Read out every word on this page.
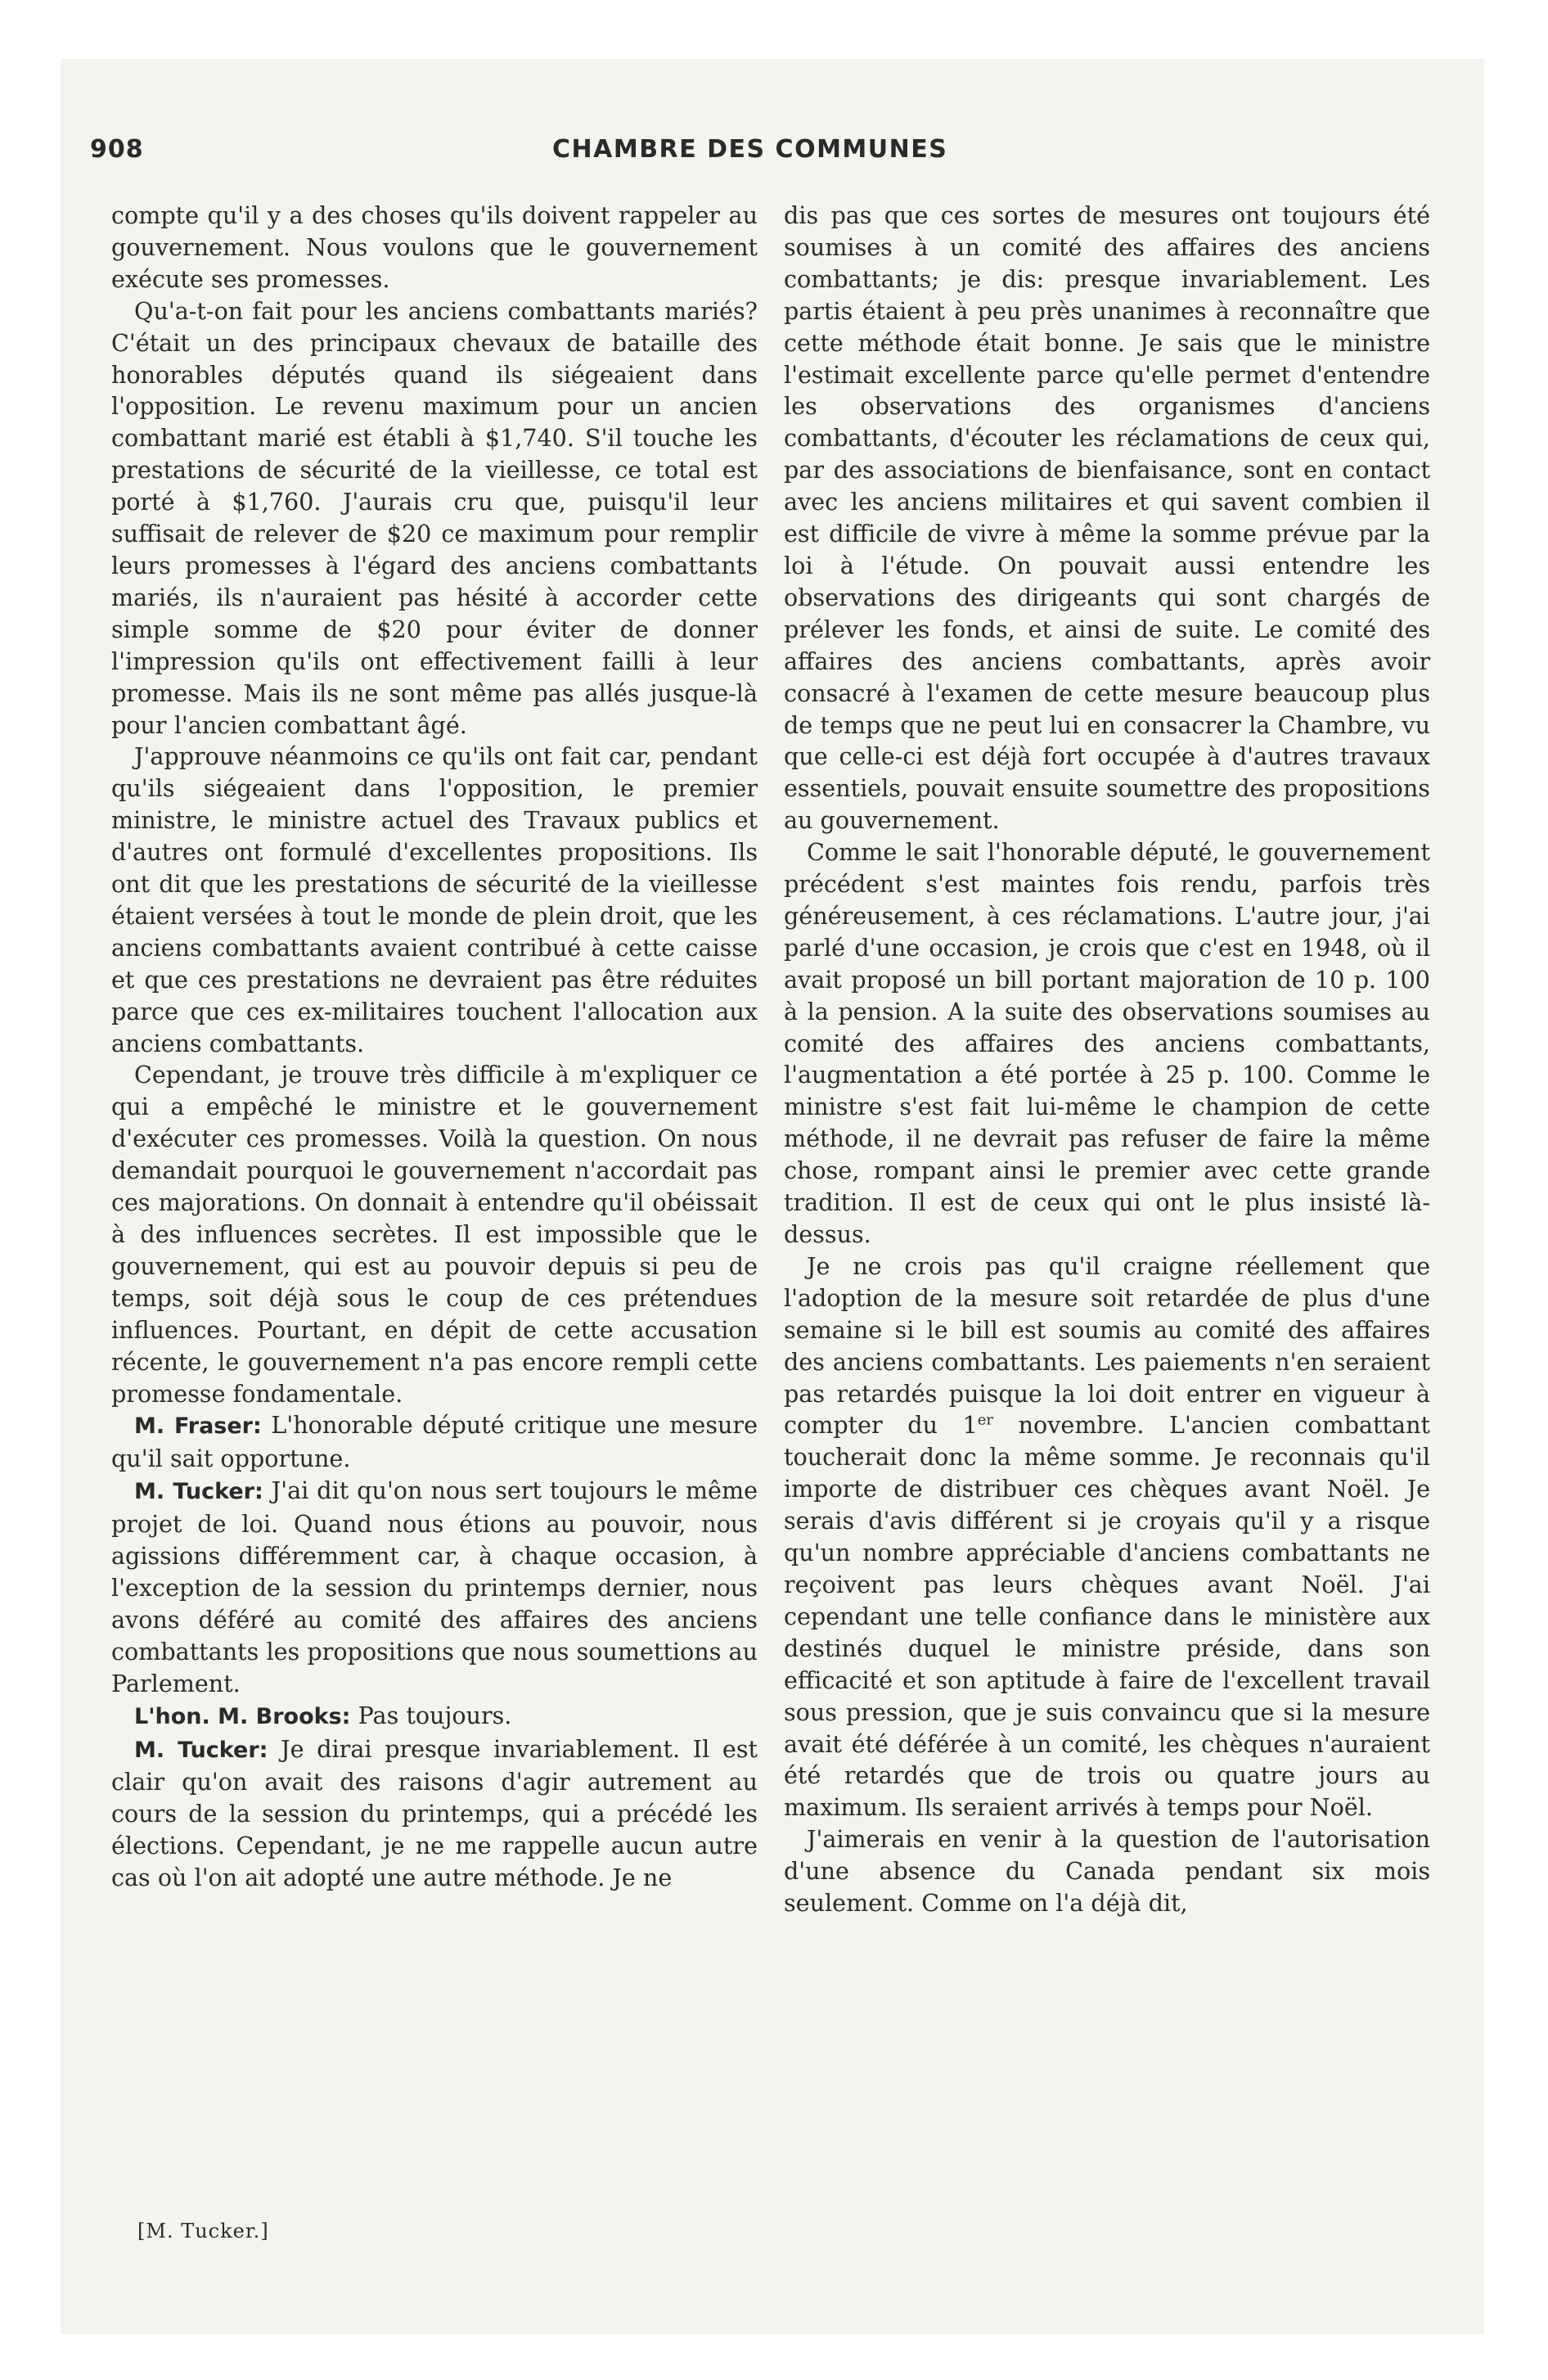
908	CHAMBRE DES COMMUNES

compte qu'il y a des choses qu'ils doivent rappeler au gouvernement. Nous voulons que le gouvernement exécute ses promesses.

Qu'a-t-on fait pour les anciens combattants mariés? C'était un des principaux chevaux de bataille des honorables députés quand ils siégeaient dans l'opposition. Le revenu maximum pour un ancien combattant marié est établi à $1,740. S'il touche les prestations de sécurité de la vieillesse, ce total est porté à $1,760. J'aurais cru que, puisqu'il leur suffisait de relever de $20 ce maximum pour remplir leurs promesses à l'égard des anciens combattants mariés, ils n'auraient pas hésité à accorder cette simple somme de $20 pour éviter de donner l'impression qu'ils ont effectivement failli à leur promesse. Mais ils ne sont même pas allés jusque-là pour l'ancien combattant âgé.

J'approuve néanmoins ce qu'ils ont fait car, pendant qu'ils siégeaient dans l'opposition, le premier ministre, le ministre actuel des Travaux publics et d'autres ont formulé d'excellentes propositions. Ils ont dit que les prestations de sécurité de la vieillesse étaient versées à tout le monde de plein droit, que les anciens combattants avaient contribué à cette caisse et que ces prestations ne devraient pas être réduites parce que ces ex-militaires touchent l'allocation aux anciens combattants.

Cependant, je trouve très difficile à m'expliquer ce qui a empêché le ministre et le gouvernement d'exécuter ces promesses. Voilà la question. On nous demandait pourquoi le gouvernement n'accordait pas ces majorations. On donnait à entendre qu'il obéissait à des influences secrètes. Il est impossible que le gouvernement, qui est au pouvoir depuis si peu de temps, soit déjà sous le coup de ces prétendues influences. Pourtant, en dépit de cette accusation récente, le gouvernement n'a pas encore rempli cette promesse fondamentale.

M. Fraser: L'honorable député critique une mesure qu'il sait opportune.

M. Tucker: J'ai dit qu'on nous sert toujours le même projet de loi. Quand nous étions au pouvoir, nous agissions différemment car, à chaque occasion, à l'exception de la session du printemps dernier, nous avons déféré au comité des affaires des anciens combattants les propositions que nous soumettions au Parlement.

L'hon. M. Brooks: Pas toujours.

M. Tucker: Je dirai presque invariablement. Il est clair qu'on avait des raisons d'agir autrement au cours de la session du printemps, qui a précédé les élections. Cependant, je ne me rappelle aucun autre cas où l'on ait adopté une autre méthode. Je ne

dis pas que ces sortes de mesures ont toujours été soumises à un comité des affaires des anciens combattants; je dis: presque invariablement. Les partis étaient à peu près unanimes à reconnaître que cette méthode était bonne. Je sais que le ministre l'estimait excellente parce qu'elle permet d'entendre les observations des organismes d'anciens combattants, d'écouter les réclamations de ceux qui, par des associations de bienfaisance, sont en contact avec les anciens militaires et qui savent combien il est difficile de vivre à même la somme prévue par la loi à l'étude. On pouvait aussi entendre les observations des dirigeants qui sont chargés de prélever les fonds, et ainsi de suite. Le comité des affaires des anciens combattants, après avoir consacré à l'examen de cette mesure beaucoup plus de temps que ne peut lui en consacrer la Chambre, vu que celle-ci est déjà fort occupée à d'autres travaux essentiels, pouvait ensuite soumettre des propositions au gouvernement.

Comme le sait l'honorable député, le gouvernement précédent s'est maintes fois rendu, parfois très généreusement, à ces réclamations. L'autre jour, j'ai parlé d'une occasion, je crois que c'est en 1948, où il avait proposé un bill portant majoration de 10 p. 100 à la pension. A la suite des observations soumises au comité des affaires des anciens combattants, l'augmentation a été portée à 25 p. 100. Comme le ministre s'est fait lui-même le champion de cette méthode, il ne devrait pas refuser de faire la même chose, rompant ainsi le premier avec cette grande tradition. Il est de ceux qui ont le plus insisté là-dessus.

Je ne crois pas qu'il craigne réellement que l'adoption de la mesure soit retardée de plus d'une semaine si le bill est soumis au comité des affaires des anciens combattants. Les paiements n'en seraient pas retardés puisque la loi doit entrer en vigueur à compter du 1er novembre. L'ancien combattant toucherait donc la même somme. Je reconnais qu'il importe de distribuer ces chèques avant Noël. Je serais d'avis différent si je croyais qu'il y a risque qu'un nombre appréciable d'anciens combattants ne reçoivent pas leurs chèques avant Noël. J'ai cependant une telle confiance dans le ministère aux destinés duquel le ministre préside, dans son efficacité et son aptitude à faire de l'excellent travail sous pression, que je suis convaincu que si la mesure avait été déférée à un comité, les chèques n'auraient été retardés que de trois ou quatre jours au maximum. Ils seraient arrivés à temps pour Noël.

J'aimerais en venir à la question de l'autorisation d'une absence du Canada pendant six mois seulement. Comme on l'a déjà dit,

[M. Tucker.]
